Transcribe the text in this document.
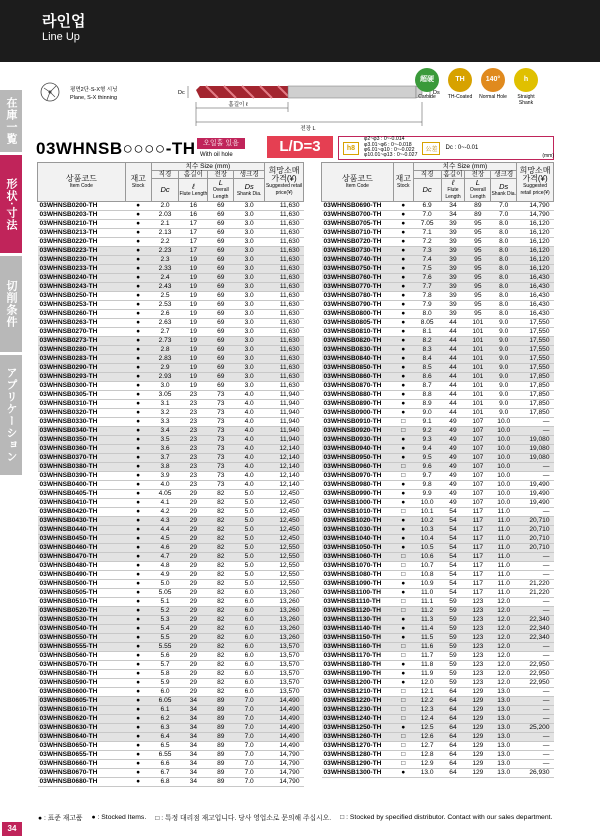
라인업
Line Up
在庫一覧
形状·寸法
切削条件
アプリケーション
34
평면2단·S-X형 시닝
Plane, S-X thinning
홈길이 ℓ
전장 L
Dc	Ds
超硬
Carbide
TH
TH-Coated
140°
Normal Hole
h
Straight Shank
03WHNSB○○○○-TH	오일홀 있음
With oil hole	L/D=3	h8
φ2~φ3 : 0~-0.014
φ3.01~φ6 : 0~-0.018
φ6.01~φ10 : 0~-0.022
φ10.01~φ13 : 0~-0.027
公差	Dc : 0~-0.01
(mm)
상품코드
Item Code	재고
Stock	치수 Size (mm)				희망소매
가격(¥)
Suggested retail price(¥)

		직경	홈길이	전장	생크경	
		Dc	ℓ
Flute Length	L
Overall Length	Ds
Shank Dia.	

03WHNSB0200-TH	●	2.0	16	69	3.0	11,630
03WHNSB0203-TH	●	2.03	16	69	3.0	11,630
03WHNSB0210-TH	●	2.1	17	69	3.0	11,630
03WHNSB0213-TH	●	2.13	17	69	3.0	11,630
03WHNSB0220-TH	●	2.2	17	69	3.0	11,630
03WHNSB0223-TH	●	2.23	17	69	3.0	11,630
03WHNSB0230-TH	●	2.3	19	69	3.0	11,630
03WHNSB0233-TH	●	2.33	19	69	3.0	11,630
03WHNSB0240-TH	●	2.4	19	69	3.0	11,630
03WHNSB0243-TH	●	2.43	19	69	3.0	11,630
03WHNSB0250-TH	●	2.5	19	69	3.0	11,630
03WHNSB0253-TH	●	2.53	19	69	3.0	11,630
03WHNSB0260-TH	●	2.6	19	69	3.0	11,630
03WHNSB0263-TH	●	2.63	19	69	3.0	11,630
03WHNSB0270-TH	●	2.7	19	69	3.0	11,630
03WHNSB0273-TH	●	2.73	19	69	3.0	11,630
03WHNSB0280-TH	●	2.8	19	69	3.0	11,630
03WHNSB0283-TH	●	2.83	19	69	3.0	11,630
03WHNSB0290-TH	●	2.9	19	69	3.0	11,630
03WHNSB0293-TH	●	2.93	19	69	3.0	11,630
03WHNSB0300-TH	●	3.0	19	69	3.0	11,630
03WHNSB0305-TH	●	3.05	23	73	4.0	11,940
03WHNSB0310-TH	●	3.1	23	73	4.0	11,940
03WHNSB0320-TH	●	3.2	23	73	4.0	11,940
03WHNSB0330-TH	●	3.3	23	73	4.0	11,940
03WHNSB0340-TH	●	3.4	23	73	4.0	11,940
03WHNSB0350-TH	●	3.5	23	73	4.0	11,940
03WHNSB0360-TH	●	3.6	23	73	4.0	12,140
03WHNSB0370-TH	●	3.7	23	73	4.0	12,140
03WHNSB0380-TH	●	3.8	23	73	4.0	12,140
03WHNSB0390-TH	●	3.9	23	73	4.0	12,140
03WHNSB0400-TH	●	4.0	23	73	4.0	12,140
03WHNSB0405-TH	●	4.05	29	82	5.0	12,450
03WHNSB0410-TH	●	4.1	29	82	5.0	12,450
03WHNSB0420-TH	●	4.2	29	82	5.0	12,450
03WHNSB0430-TH	●	4.3	29	82	5.0	12,450
03WHNSB0440-TH	●	4.4	29	82	5.0	12,450
03WHNSB0450-TH	●	4.5	29	82	5.0	12,450
03WHNSB0460-TH	●	4.6	29	82	5.0	12,550
03WHNSB0470-TH	●	4.7	29	82	5.0	12,550
03WHNSB0480-TH	●	4.8	29	82	5.0	12,550
03WHNSB0490-TH	●	4.9	29	82	5.0	12,550
03WHNSB0500-TH	●	5.0	29	82	5.0	12,550
03WHNSB0505-TH	●	5.05	29	82	6.0	13,260
03WHNSB0510-TH	●	5.1	29	82	6.0	13,260
03WHNSB0520-TH	●	5.2	29	82	6.0	13,260
03WHNSB0530-TH	●	5.3	29	82	6.0	13,260
03WHNSB0540-TH	●	5.4	29	82	6.0	13,260
03WHNSB0550-TH	●	5.5	29	82	6.0	13,260
03WHNSB0555-TH	●	5.55	29	82	6.0	13,570
03WHNSB0560-TH	●	5.6	29	82	6.0	13,570
03WHNSB0570-TH	●	5.7	29	82	6.0	13,570
03WHNSB0580-TH	●	5.8	29	82	6.0	13,570
03WHNSB0590-TH	●	5.9	29	82	6.0	13,570
03WHNSB0600-TH	●	6.0	29	82	6.0	13,570
03WHNSB0605-TH	●	6.05	34	89	7.0	14,490
03WHNSB0610-TH	●	6.1	34	89	7.0	14,490
03WHNSB0620-TH	●	6.2	34	89	7.0	14,490
03WHNSB0630-TH	●	6.3	34	89	7.0	14,490
03WHNSB0640-TH	●	6.4	34	89	7.0	14,490
03WHNSB0650-TH	●	6.5	34	89	7.0	14,490
03WHNSB0655-TH	●	6.55	34	89	7.0	14,790
03WHNSB0660-TH	●	6.6	34	89	7.0	14,790
03WHNSB0670-TH	●	6.7	34	89	7.0	14,790
03WHNSB0680-TH	●	6.8	34	89	7.0	14,790
상품코드
Item Code	재고
Stock	치수 Size (mm)				희망소매
가격(¥)
Suggested retail price(¥)

		직경	홈길이	전장	생크경	
		Dc	ℓ
Flute Length	L
Overall Length	Ds
Shank Dia.	

03WHNSB0690-TH	●	6.9	34	89	7.0	14,790
03WHNSB0700-TH	●	7.0	34	89	7.0	14,790
03WHNSB0705-TH	●	7.05	39	95	8.0	16,120
03WHNSB0710-TH	●	7.1	39	95	8.0	16,120
03WHNSB0720-TH	●	7.2	39	95	8.0	16,120
03WHNSB0730-TH	●	7.3	39	95	8.0	16,120
03WHNSB0740-TH	●	7.4	39	95	8.0	16,120
03WHNSB0750-TH	●	7.5	39	95	8.0	16,120
03WHNSB0760-TH	●	7.6	39	95	8.0	16,430
03WHNSB0770-TH	●	7.7	39	95	8.0	16,430
03WHNSB0780-TH	●	7.8	39	95	8.0	16,430
03WHNSB0790-TH	●	7.9	39	95	8.0	16,430
03WHNSB0800-TH	●	8.0	39	95	8.0	16,430
03WHNSB0805-TH	●	8.05	44	101	9.0	17,550
03WHNSB0810-TH	●	8.1	44	101	9.0	17,550
03WHNSB0820-TH	●	8.2	44	101	9.0	17,550
03WHNSB0830-TH	●	8.3	44	101	9.0	17,550
03WHNSB0840-TH	●	8.4	44	101	9.0	17,550
03WHNSB0850-TH	●	8.5	44	101	9.0	17,550
03WHNSB0860-TH	●	8.6	44	101	9.0	17,850
03WHNSB0870-TH	●	8.7	44	101	9.0	17,850
03WHNSB0880-TH	●	8.8	44	101	9.0	17,850
03WHNSB0890-TH	●	8.9	44	101	9.0	17,850
03WHNSB0900-TH	●	9.0	44	101	9.0	17,850
03WHNSB0910-TH	□	9.1	49	107	10.0	—
03WHNSB0920-TH	□	9.2	49	107	10.0	—
03WHNSB0930-TH	●	9.3	49	107	10.0	19,080
03WHNSB0940-TH	●	9.4	49	107	10.0	19,080
03WHNSB0950-TH	●	9.5	49	107	10.0	19,080
03WHNSB0960-TH	□	9.6	49	107	10.0	—
03WHNSB0970-TH	□	9.7	49	107	10.0	—
03WHNSB0980-TH	●	9.8	49	107	10.0	19,490
03WHNSB0990-TH	●	9.9	49	107	10.0	19,490
03WHNSB1000-TH	●	10.0	49	107	10.0	19,490
03WHNSB1010-TH	□	10.1	54	117	11.0	—
03WHNSB1020-TH	●	10.2	54	117	11.0	20,710
03WHNSB1030-TH	●	10.3	54	117	11.0	20,710
03WHNSB1040-TH	●	10.4	54	117	11.0	20,710
03WHNSB1050-TH	●	10.5	54	117	11.0	20,710
03WHNSB1060-TH	□	10.6	54	117	11.0	—
03WHNSB1070-TH	□	10.7	54	117	11.0	—
03WHNSB1080-TH	□	10.8	54	117	11.0	—
03WHNSB1090-TH	●	10.9	54	117	11.0	21,220
03WHNSB1100-TH	●	11.0	54	117	11.0	21,220
03WHNSB1110-TH	□	11.1	59	123	12.0	—
03WHNSB1120-TH	□	11.2	59	123	12.0	—
03WHNSB1130-TH	●	11.3	59	123	12.0	22,340
03WHNSB1140-TH	●	11.4	59	123	12.0	22,340
03WHNSB1150-TH	●	11.5	59	123	12.0	22,340
03WHNSB1160-TH	□	11.6	59	123	12.0	—
03WHNSB1170-TH	□	11.7	59	123	12.0	—
03WHNSB1180-TH	●	11.8	59	123	12.0	22,950
03WHNSB1190-TH	●	11.9	59	123	12.0	22,950
03WHNSB1200-TH	●	12.0	59	123	12.0	22,950
03WHNSB1210-TH	□	12.1	64	129	13.0	—
03WHNSB1220-TH	□	12.2	64	129	13.0	—
03WHNSB1230-TH	□	12.3	64	129	13.0	—
03WHNSB1240-TH	□	12.4	64	129	13.0	—
03WHNSB1250-TH	●	12.5	64	129	13.0	25,200
03WHNSB1260-TH	□	12.6	64	129	13.0	—
03WHNSB1270-TH	□	12.7	64	129	13.0	—
03WHNSB1280-TH	□	12.8	64	129	13.0	—
03WHNSB1290-TH	□	12.9	64	129	13.0	—
03WHNSB1300-TH	●	13.0	64	129	13.0	26,930
● : 표준 재고품 ● : Stocked Items. □ : 특정 대리점 재고입니다. 당사 영업소로 문의해 주십시오. □ : Stocked by specified distributor. Contact with our sales department.
